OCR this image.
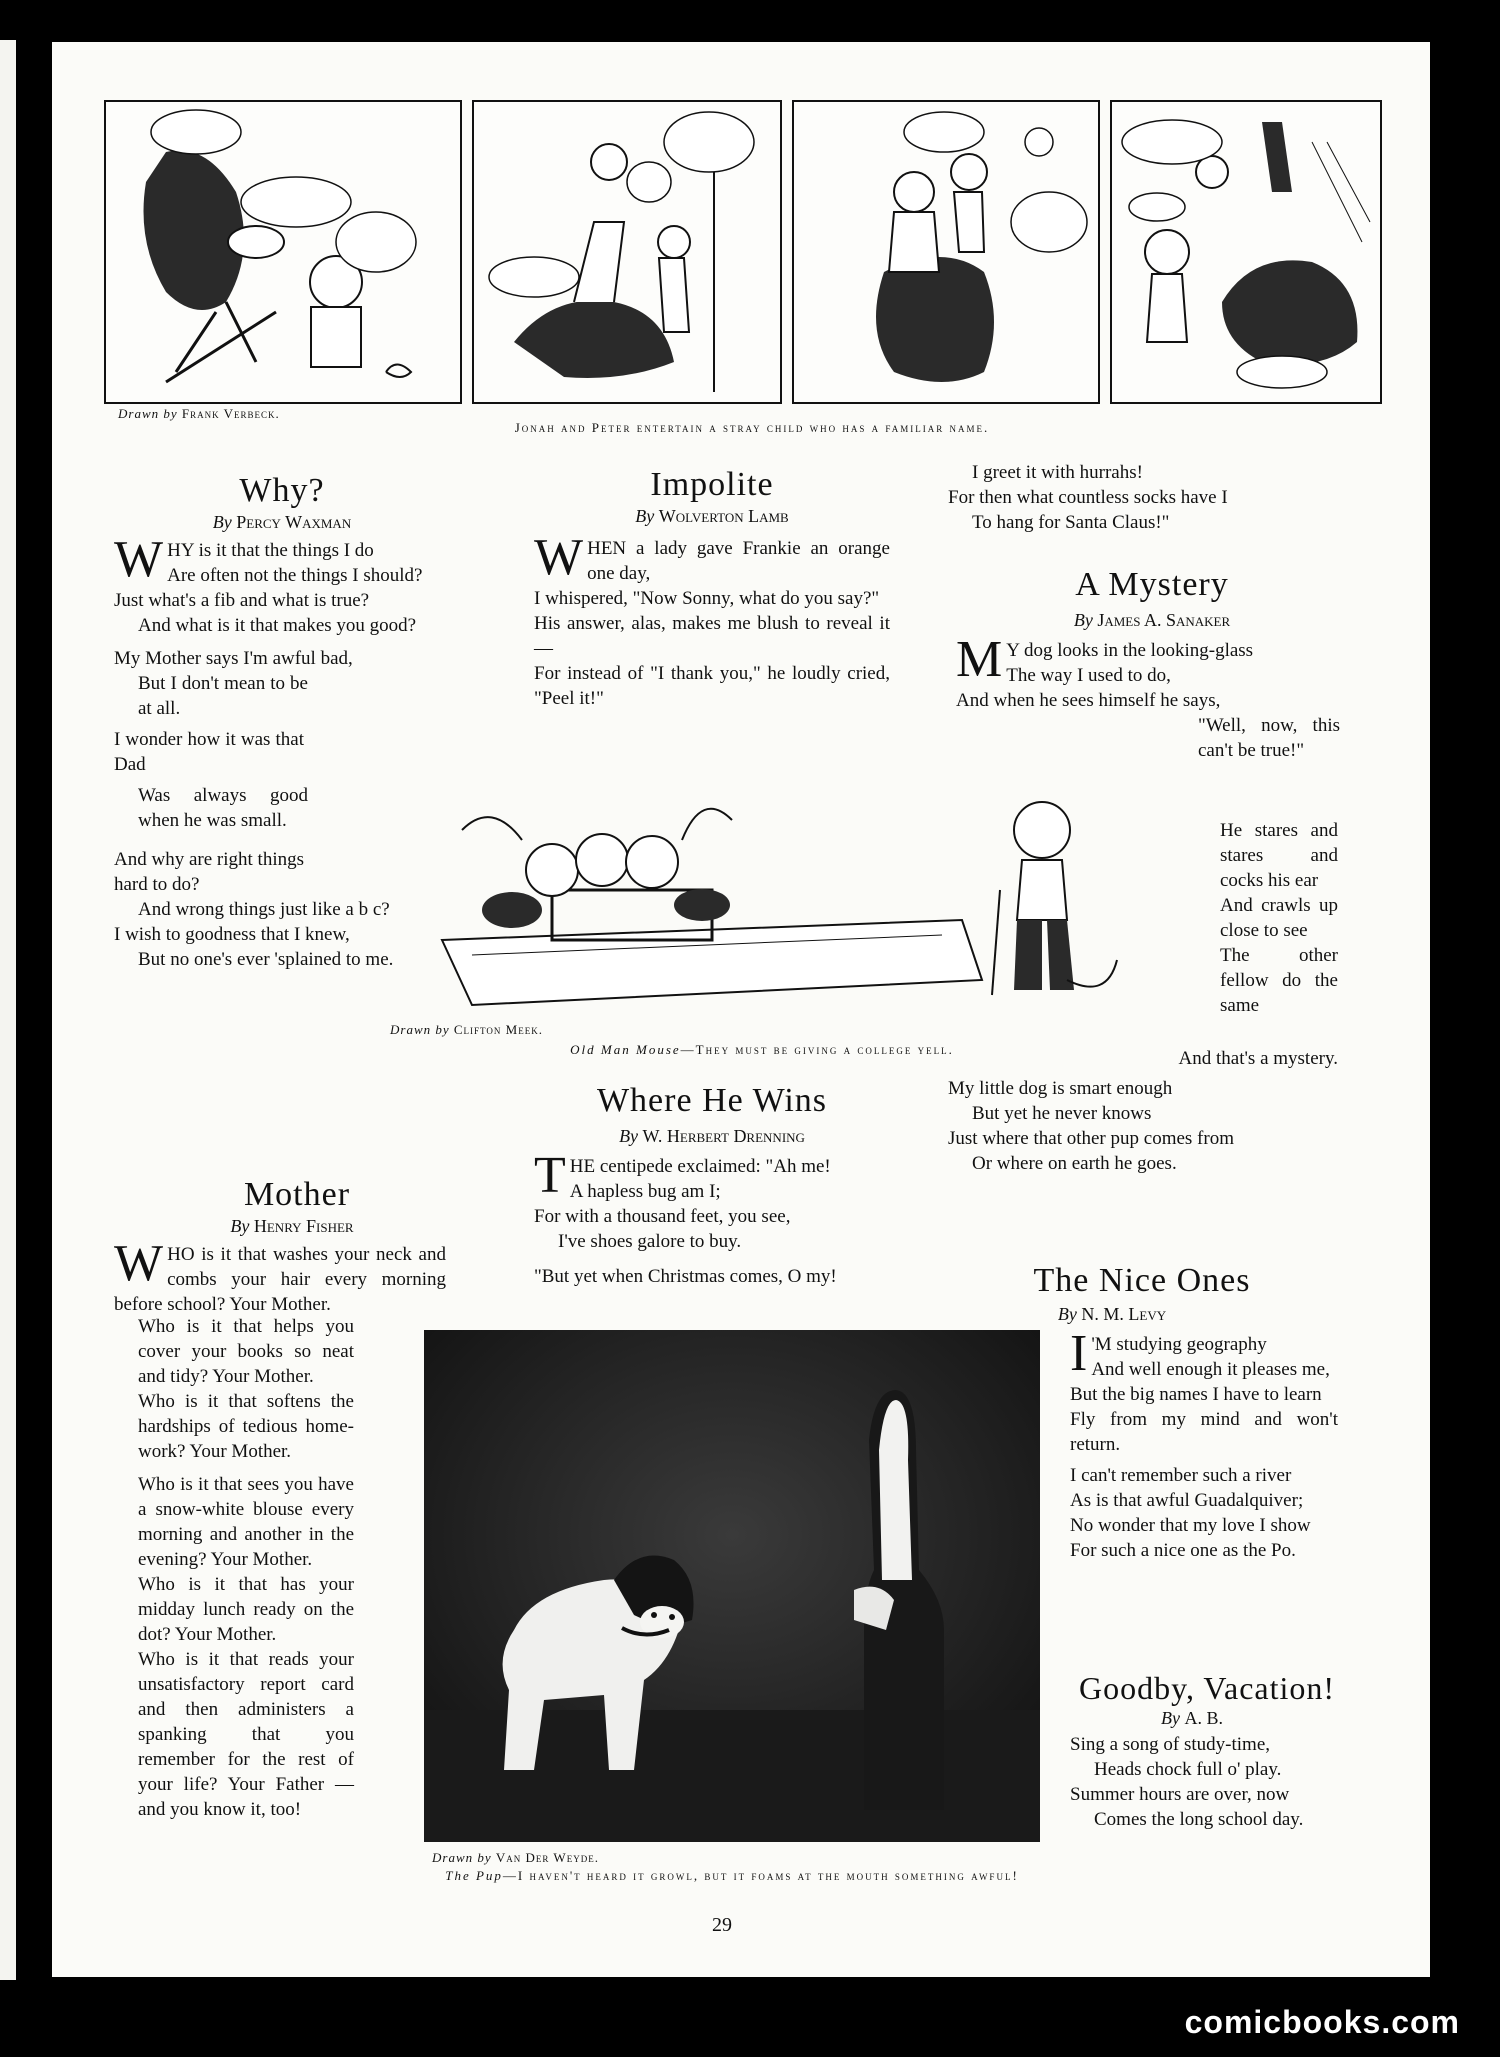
Drawn by Frank Verbeck.
Jonah and Peter entertain a stray child who has a familiar name.
Why?
By Percy Waxman
W HY is it that the things I do
Are often not the things I should?
Just what's a fib and what is true?
And what is it that makes you good?
My Mother says I'm awful bad,
But I don't mean to be at all.
I wonder how it was that Dad
Was always good when he was small.
And why are right things hard to do?
And wrong things just like a b c?
I wish to goodness that I knew,
But no one's ever 'splained to me.
Mother
By Henry Fisher
W HO is it that washes your neck and combs your hair every morning before school? Your Mother.

Who is it that helps you cover your books so neat and tidy? Your Mother.

Who is it that softens the hardships of tedious home-work? Your Mother.

Who is it that sees you have a snow-white blouse every morning and another in the evening? Your Mother.

Who is it that has your midday lunch ready on the dot? Your Mother.

Who is it that reads your unsatisfactory report card and then administers a spanking that you remember for the rest of your life? Your Father —and you know it, too!

Impolite
By Wolverton Lamb
W HEN a lady gave Frankie an orange one day,
I whispered, "Now Sonny, what do you say?"
His answer, alas, makes me blush to reveal it—
For instead of "I thank you," he loudly cried, "Peel it!"
I greet it with hurrahs!
For then what countless socks have I
To hang for Santa Claus!"
A Mystery
By James A. Sanaker
M Y dog looks in the looking-glass
The way I used to do,
And when he sees himself he says,
"Well, now, this can't be true!"
He stares and stares and cocks his ear
And crawls up close to see
The other fellow do the same
And that's a mystery.
My little dog is smart enough
But yet he never knows
Just where that other pup comes from
Or where on earth he goes.
Drawn by Clifton Meek.
Old Man Mouse—They must be giving a college yell.
Where He Wins
By W. Herbert Drenning
T HE centipede exclaimed: "Ah me!
A hapless bug am I;
For with a thousand feet, you see,
I've shoes galore to buy.
"But yet when Christmas comes, O my!	The Nice Ones
By N. M. Levy
I 'M studying geography
And well enough it pleases me,
But the big names I have to learn
Fly from my mind and won't return.
I can't remember such a river
As is that awful Guadalquiver;
No wonder that my love I show
For such a nice one as the Po.
Goodby, Vacation!
By A. B.
Sing a song of study-time,
Heads chock full o' play.
Summer hours are over, now
Comes the long school day.
Drawn by Van Der Weyde.
The Pup—I haven't heard it growl, but it foams at the mouth something awful!
29
comicbooks.com
